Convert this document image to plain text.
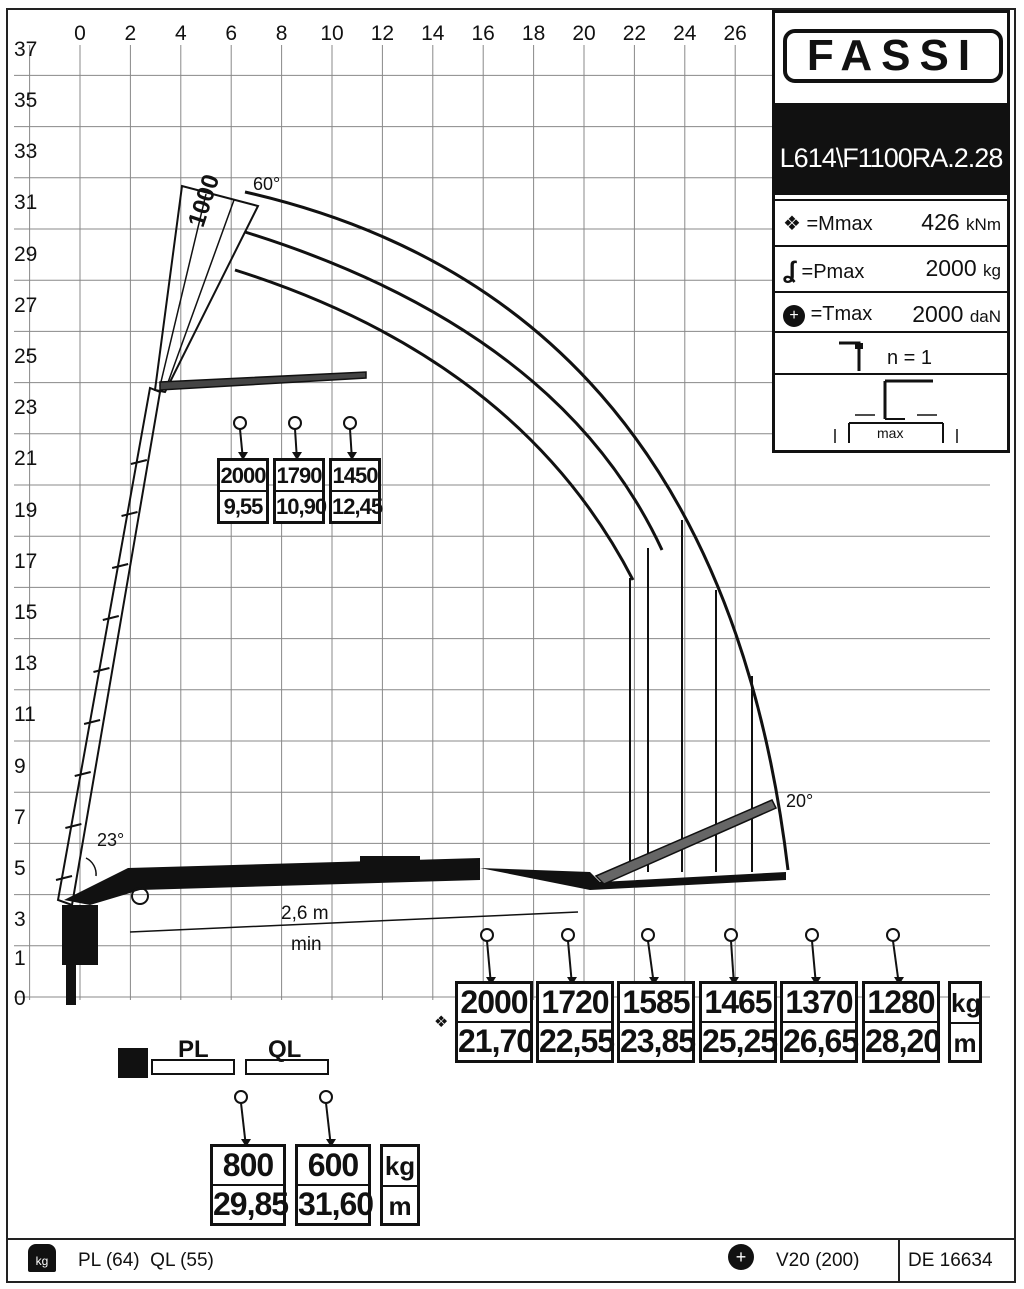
0	2	4	6	8	10	12	14	16	18	20	22	24	26
37
35
33
31
29
27
25
23
21
19
17
15
13
11
9
7
5
3
1
0
60°
20°
23°
1000
2,6 m
min
2000
9,55
1790
10,90
1450
12,45
2000
21,70
1720
22,55
1585
23,85
1465
25,25
1370
26,65
1280
28,20
❖
kg
m
PL QL
800
29,85
600
31,60
kg
m
FASSI
L614\F1100RA.2.28
❖ =Mmax 426 kNm
ʆ =Pmax	2000 kg
+ =Tmax 2000 daN
n = 1
max
kg	PL (64)  QL (55)	+	V20 (200)	DE 16634
